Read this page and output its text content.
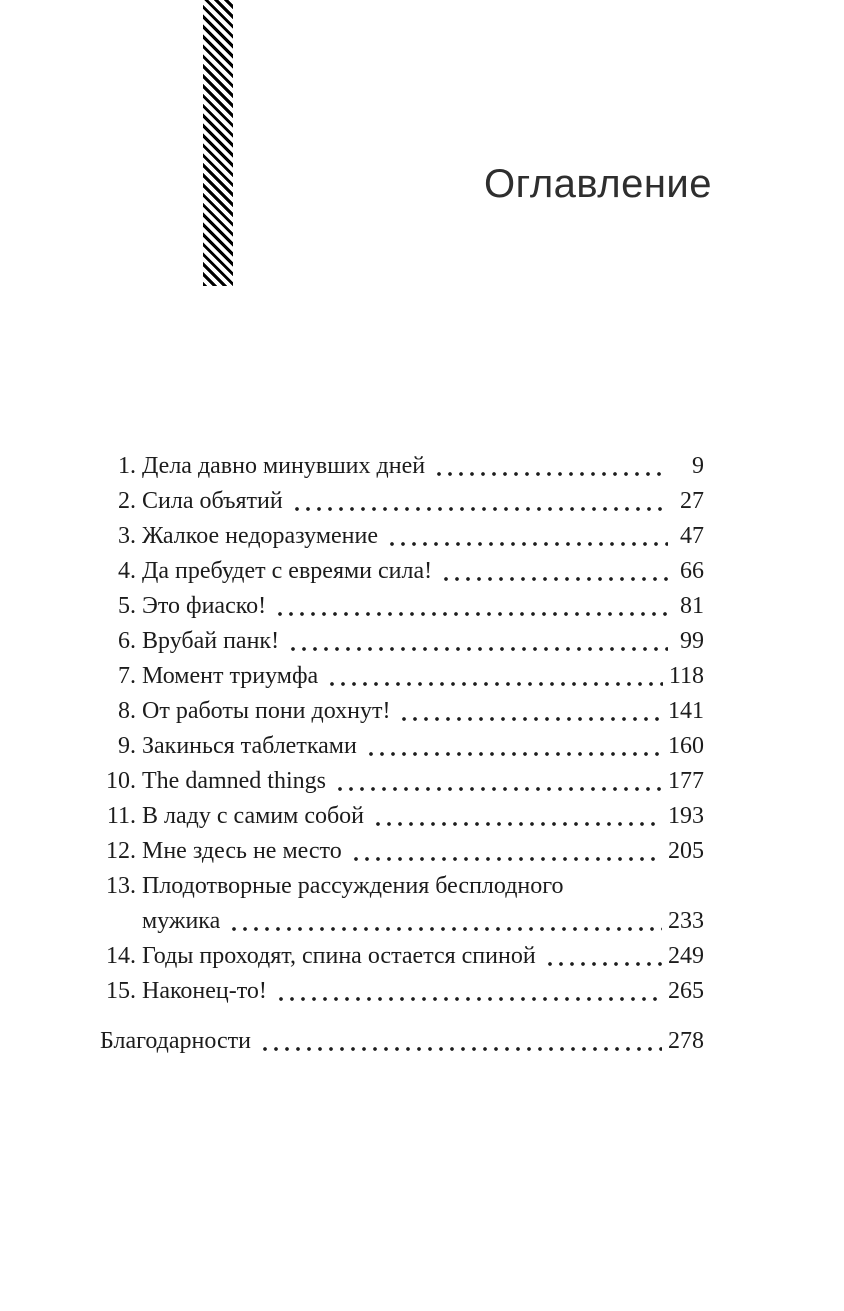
Оглавление
1. Дела давно минувших дней	9
2. Сила объятий	27
3. Жалкое недоразумение	47
4. Да пребудет с евреями сила!	66
5. Это фиаско!	81
6. Врубай панк!	99
7. Момент триумфа	118
8. От работы пони дохнут!	141
9. Закинься таблетками	160
10. The damned things	177
11. В ладу с самим собой	193
12. Мне здесь не место	205
13. Плодотворные рассуждения бесплодного
мужика	233
14. Годы проходят, спина остается спиной	249
15. Наконец-то!	265
Благодарности	278
